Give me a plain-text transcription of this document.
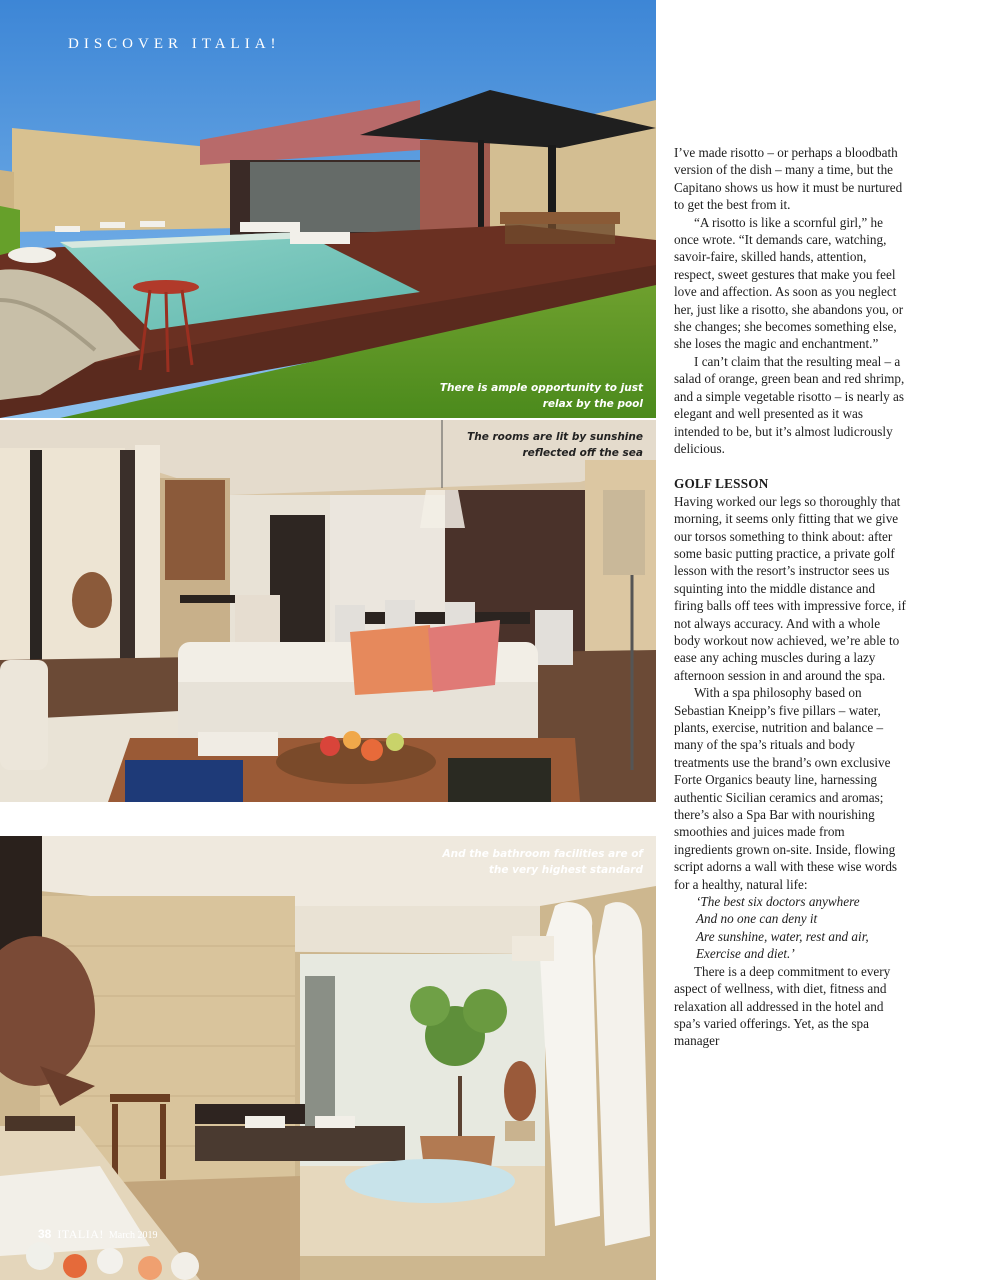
DISCOVER ITALIA!
There is ample opportunity to just relax by the pool
The rooms are lit by sunshine reflected off the sea
And the bathroom facilities are of the very highest standard
38 ITALIA! March 2019

I’ve made risotto – or perhaps a bloodbath version of the dish – many a time, but the Capitano shows us how it must be nurtured to get the best from it.

“A risotto is like a scornful girl,” he once wrote. “It demands care, watching, savoir-faire, skilled hands, attention, respect, sweet gestures that make you feel love and affection. As soon as you neglect her, just like a risotto, she abandons you, or she changes; she becomes something else, she loses the magic and enchantment.”

I can’t claim that the resulting meal – a salad of orange, green bean and red shrimp, and a simple vegetable risotto – is nearly as elegant and well presented as it was intended to be, but it’s almost ludicrously delicious.

GOLF LESSON

Having worked our legs so thoroughly that morning, it seems only fitting that we give our torsos something to think about: after some basic putting practice, a private golf lesson with the resort’s instructor sees us squinting into the middle distance and firing balls off tees with impressive force, if not always accuracy. And with a whole body workout now achieved, we’re able to ease any aching muscles during a lazy afternoon session in and around the spa.

With a spa philosophy based on Sebastian Kneipp’s five pillars – water, plants, exercise, nutrition and balance – many of the spa’s rituals and body treatments use the brand’s own exclusive Forte Organics beauty line, harnessing authentic Sicilian ceramics and aromas; there’s also a Spa Bar with nourishing smoothies and juices made from ingredients grown on-site. Inside, flowing script adorns a wall with these wise words for a healthy, natural life:

‘The best six doctors anywhere
And no one can deny it
Are sunshine, water, rest and air,
Exercise and diet.’

There is a deep commitment to every aspect of wellness, with diet, fitness and relaxation all addressed in the hotel and spa’s varied offerings. Yet, as the spa manager
